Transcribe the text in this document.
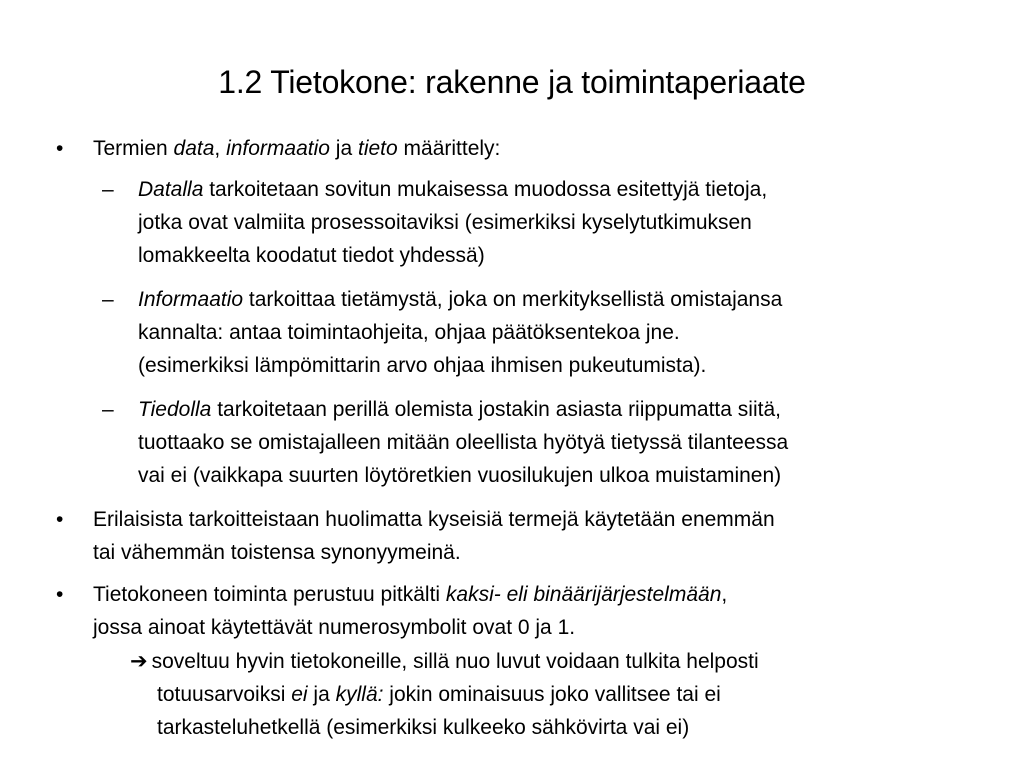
1.2 Tietokone: rakenne ja toimintaperiaate
• Termien data, informaatio ja tieto määrittely:
– Datalla tarkoitetaan sovitun mukaisessa muodossa esitettyjä tietoja,
jotka ovat valmiita prosessoitaviksi (esimerkiksi kyselytutkimuksen
lomakkeelta koodatut tiedot yhdessä)
– Informaatio tarkoittaa tietämystä, joka on merkityksellistä omistajansa
kannalta: antaa toimintaohjeita, ohjaa päätöksentekoa jne.
(esimerkiksi lämpömittarin arvo ohjaa ihmisen pukeutumista).
– Tiedolla tarkoitetaan perillä olemista jostakin asiasta riippumatta siitä,
tuottaako se omistajalleen mitään oleellista hyötyä tietyssä tilanteessa
vai ei (vaikkapa suurten löytöretkien vuosilukujen ulkoa muistaminen)
• Erilaisista tarkoitteistaan huolimatta kyseisiä termejä käytetään enemmän
tai vähemmän toistensa synonyymeinä.
• Tietokoneen toiminta perustuu pitkälti kaksi- eli binäärijärjestelmään,
jossa ainoat käytettävät numerosymbolit ovat 0 ja 1.
➔ soveltuu hyvin tietokoneille, sillä nuo luvut voidaan tulkita helposti
totuusarvoiksi ei ja kyllä: jokin ominaisuus joko vallitsee tai ei
tarkasteluhetkellä (esimerkiksi kulkeeko sähkövirta vai ei)
